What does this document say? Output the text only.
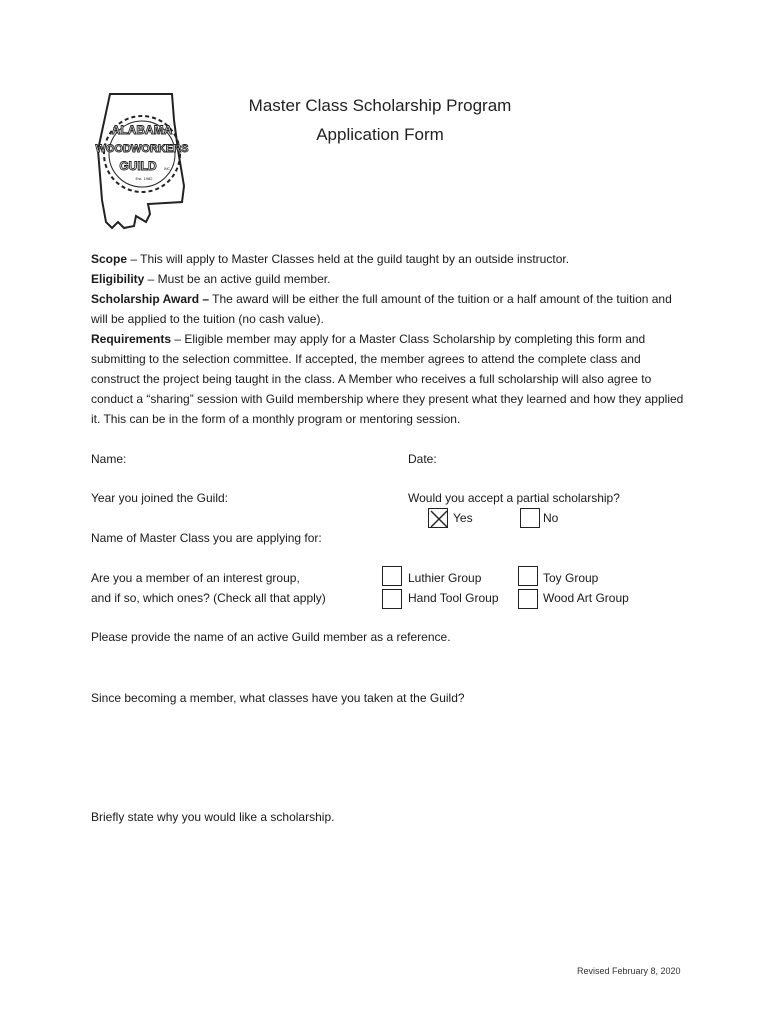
ALABAMA
WOODWORKERS
GUILD INC
Est. 1982
Master Class Scholarship Program
Application Form
Scope – This will apply to Master Classes held at the guild taught by an outside instructor.
Eligibility – Must be an active guild member.
Scholarship Award – The award will be either the full amount of the tuition or a half amount of the tuition and will be applied to the tuition (no cash value).
Requirements – Eligible member may apply for a Master Class Scholarship by completing this form and submitting to the selection committee. If accepted, the member agrees to attend the complete class and construct the project being taught in the class. A Member who receives a full scholarship will also agree to conduct a “sharing” session with Guild membership where they present what they learned and how they applied it. This can be in the form of a monthly program or mentoring session.
Name:	Date:
Year you joined the Guild:	Would you accept a partial scholarship?
Yes	No
Name of Master Class you are applying for:
Are you a member of an interest group,
and if so, which ones? (Check all that apply)
Luthier Group	Toy Group
Hand Tool Group	Wood Art Group
Please provide the name of an active Guild member as a reference.
Since becoming a member, what classes have you taken at the Guild?
Briefly state why you would like a scholarship.
Revised February 8, 2020
